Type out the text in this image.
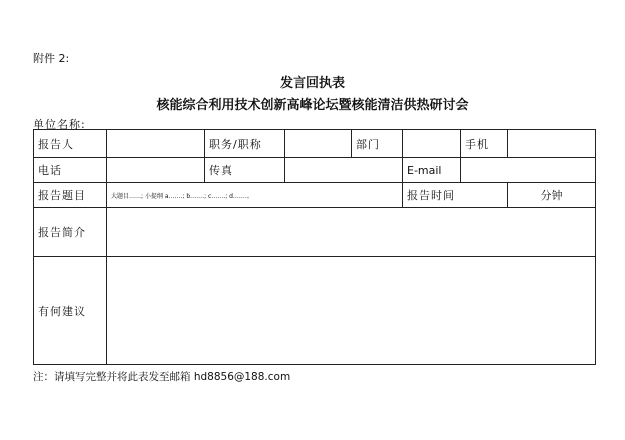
附件 2:
发言回执表
核能综合利用技术创新高峰论坛暨核能清洁供热研讨会
单位名称:
报告人		职务/职称		部门		手机	
电话		传真			E-mail		
报告题目	大题目……; 小提纲 a.……; b.……; c.……; d.……。				报告时间		分钟
报告简介							
有何建议							
注：请填写完整并将此表发至邮箱 hd8856@188.com
